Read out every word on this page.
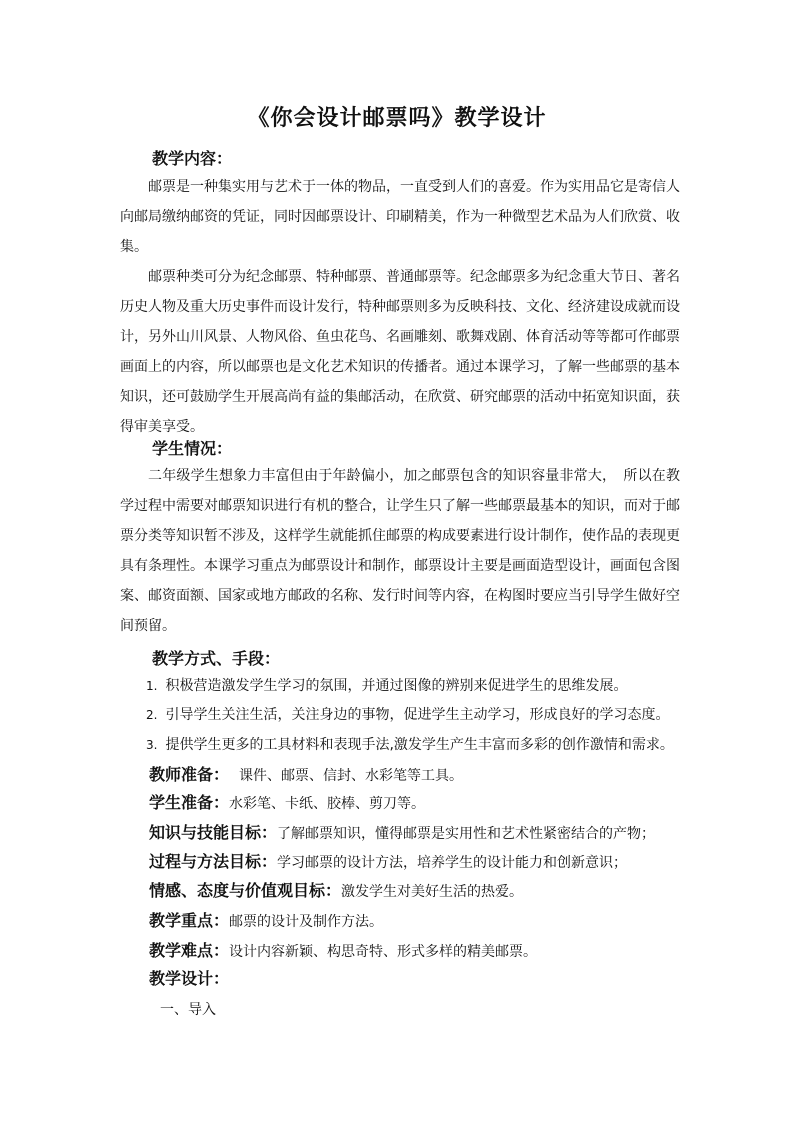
《你会设计邮票吗》教学设计
教学内容：
邮票是一种集实用与艺术于一体的物品，一直受到人们的喜爱。作为实用品它是寄信人向邮局缴纳邮资的凭证，同时因邮票设计、印刷精美，作为一种微型艺术品为人们欣赏、收集。
邮票种类可分为纪念邮票、特种邮票、普通邮票等。纪念邮票多为纪念重大节日、著名历史人物及重大历史事件而设计发行，特种邮票则多为反映科技、文化、经济建设成就而设计，另外山川风景、人物风俗、鱼虫花鸟、名画雕刻、歌舞戏剧、体育活动等等都可作邮票画面上的内容，所以邮票也是文化艺术知识的传播者。通过本课学习，了解一些邮票的基本知识，还可鼓励学生开展高尚有益的集邮活动，在欣赏、研究邮票的活动中拓宽知识面，获得审美享受。
学生情况：
二年级学生想象力丰富但由于年龄偏小，加之邮票包含的知识容量非常大，　所以在教学过程中需要对邮票知识进行有机的整合，让学生只了解一些邮票最基本的知识，而对于邮票分类等知识暂不涉及，这样学生就能抓住邮票的构成要素进行设计制作，使作品的表现更具有条理性。本课学习重点为邮票设计和制作，邮票设计主要是画面造型设计，画面包含图案、邮资面额、国家或地方邮政的名称、发行时间等内容，在构图时要应当引导学生做好空间预留。
教学方式、手段：
1. 积极营造激发学生学习的氛围，并通过图像的辨别来促进学生的思维发展。
2. 引导学生关注生活，关注身边的事物，促进学生主动学习，形成良好的学习态度。
3. 提供学生更多的工具材料和表现手法,激发学生产生丰富而多彩的创作激情和需求。
教师准备： 课件、邮票、信封、水彩笔等工具。
学生准备：水彩笔、卡纸、胶棒、剪刀等。
知识与技能目标：了解邮票知识，懂得邮票是实用性和艺术性紧密结合的产物；
过程与方法目标：学习邮票的设计方法，培养学生的设计能力和创新意识；
情感、态度与价值观目标：激发学生对美好生活的热爱。
教学重点：邮票的设计及制作方法。
教学难点：设计内容新颖、构思奇特、形式多样的精美邮票。
教学设计：
一、导入
